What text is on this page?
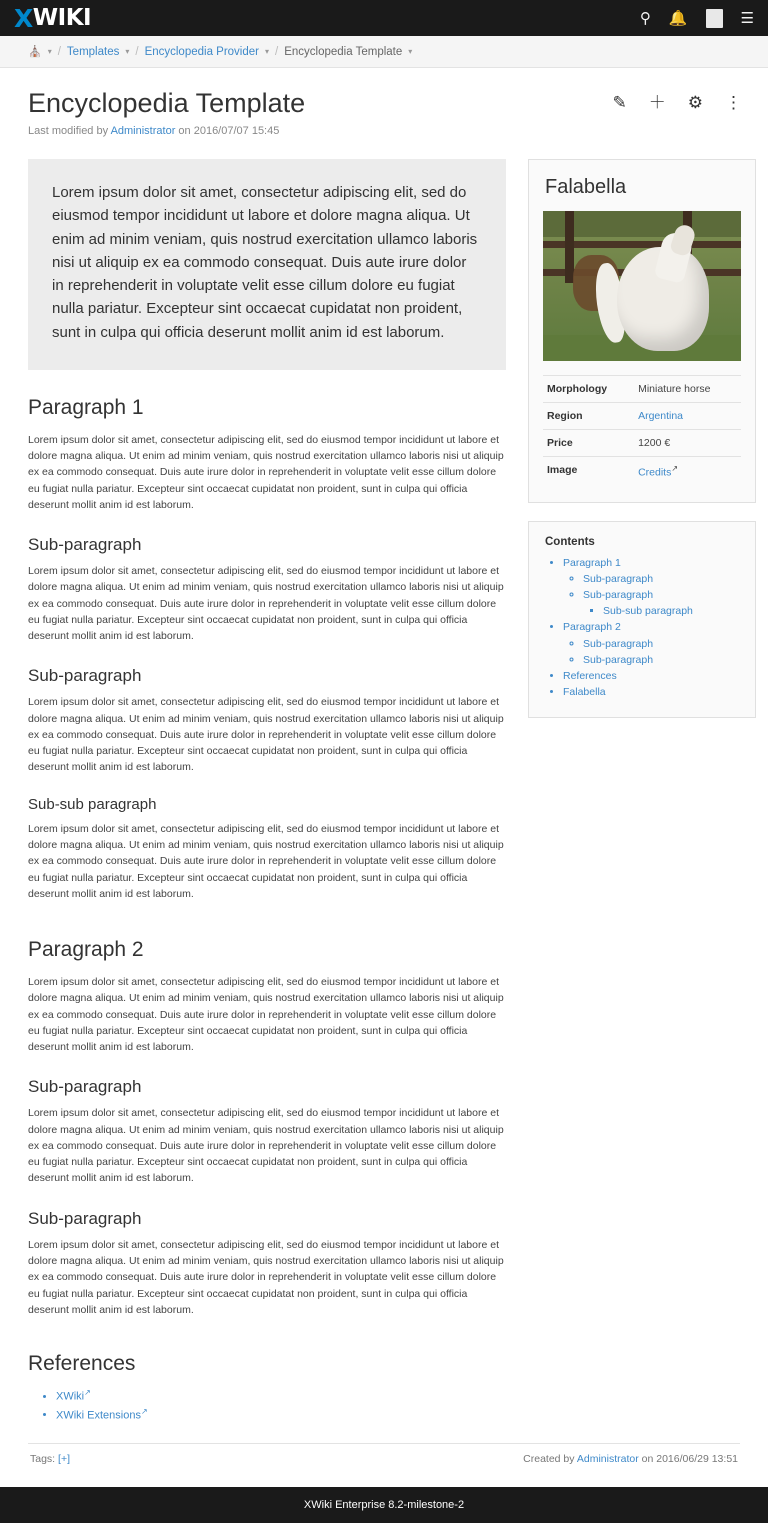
X WIKI	⚲ 🔔	☰
⛪ ▾ / Templates ▾ / Encyclopedia Provider ▾ / Encyclopedia Template ▾
Encyclopedia Template
Last modified by Administrator on 2016/07/07 15:45
✎ ＋ ⚙ ⋮
Lorem ipsum dolor sit amet, consectetur adipiscing elit, sed do eiusmod tempor incididunt ut labore et dolore magna aliqua. Ut enim ad minim veniam, quis nostrud exercitation ullamco laboris nisi ut aliquip ex ea commodo consequat. Duis aute irure dolor in reprehenderit in voluptate velit esse cillum dolore eu fugiat nulla pariatur. Excepteur sint occaecat cupidatat non proident, sunt in culpa qui officia deserunt mollit anim id est laborum.
Paragraph 1

Lorem ipsum dolor sit amet, consectetur adipiscing elit, sed do eiusmod tempor incididunt ut labore et dolore magna aliqua. Ut enim ad minim veniam, quis nostrud exercitation ullamco laboris nisi ut aliquip ex ea commodo consequat. Duis aute irure dolor in reprehenderit in voluptate velit esse cillum dolore eu fugiat nulla pariatur. Excepteur sint occaecat cupidatat non proident, sunt in culpa qui officia deserunt mollit anim id est laborum.

Sub-paragraph

Lorem ipsum dolor sit amet, consectetur adipiscing elit, sed do eiusmod tempor incididunt ut labore et dolore magna aliqua. Ut enim ad minim veniam, quis nostrud exercitation ullamco laboris nisi ut aliquip ex ea commodo consequat. Duis aute irure dolor in reprehenderit in voluptate velit esse cillum dolore eu fugiat nulla pariatur. Excepteur sint occaecat cupidatat non proident, sunt in culpa qui officia deserunt mollit anim id est laborum.

Sub-paragraph

Lorem ipsum dolor sit amet, consectetur adipiscing elit, sed do eiusmod tempor incididunt ut labore et dolore magna aliqua. Ut enim ad minim veniam, quis nostrud exercitation ullamco laboris nisi ut aliquip ex ea commodo consequat. Duis aute irure dolor in reprehenderit in voluptate velit esse cillum dolore eu fugiat nulla pariatur. Excepteur sint occaecat cupidatat non proident, sunt in culpa qui officia deserunt mollit anim id est laborum.

Sub-sub paragraph

Lorem ipsum dolor sit amet, consectetur adipiscing elit, sed do eiusmod tempor incididunt ut labore et dolore magna aliqua. Ut enim ad minim veniam, quis nostrud exercitation ullamco laboris nisi ut aliquip ex ea commodo consequat. Duis aute irure dolor in reprehenderit in voluptate velit esse cillum dolore eu fugiat nulla pariatur. Excepteur sint occaecat cupidatat non proident, sunt in culpa qui officia deserunt mollit anim id est laborum.

Paragraph 2

Lorem ipsum dolor sit amet, consectetur adipiscing elit, sed do eiusmod tempor incididunt ut labore et dolore magna aliqua. Ut enim ad minim veniam, quis nostrud exercitation ullamco laboris nisi ut aliquip ex ea commodo consequat. Duis aute irure dolor in reprehenderit in voluptate velit esse cillum dolore eu fugiat nulla pariatur. Excepteur sint occaecat cupidatat non proident, sunt in culpa qui officia deserunt mollit anim id est laborum.

Sub-paragraph

Lorem ipsum dolor sit amet, consectetur adipiscing elit, sed do eiusmod tempor incididunt ut labore et dolore magna aliqua. Ut enim ad minim veniam, quis nostrud exercitation ullamco laboris nisi ut aliquip ex ea commodo consequat. Duis aute irure dolor in reprehenderit in voluptate velit esse cillum dolore eu fugiat nulla pariatur. Excepteur sint occaecat cupidatat non proident, sunt in culpa qui officia deserunt mollit anim id est laborum.

Sub-paragraph

Lorem ipsum dolor sit amet, consectetur adipiscing elit, sed do eiusmod tempor incididunt ut labore et dolore magna aliqua. Ut enim ad minim veniam, quis nostrud exercitation ullamco laboris nisi ut aliquip ex ea commodo consequat. Duis aute irure dolor in reprehenderit in voluptate velit esse cillum dolore eu fugiat nulla pariatur. Excepteur sint occaecat cupidatat non proident, sunt in culpa qui officia deserunt mollit anim id est laborum.

References
• XWiki↗
• XWiki Extensions↗
Falabella
Morphology	Miniature horse
Region	Argentina
Price	1200 €
Image	Credits↗
Contents
• Paragraph 1
◦ Sub-paragraph
◦ Sub-paragraph
▪ Sub-sub paragraph
• Paragraph 2
◦ Sub-paragraph
◦ Sub-paragraph
• References
• Falabella
Tags: [+]	Created by Administrator on 2016/06/29 13:51
XWiki Enterprise 8.2-milestone-2
